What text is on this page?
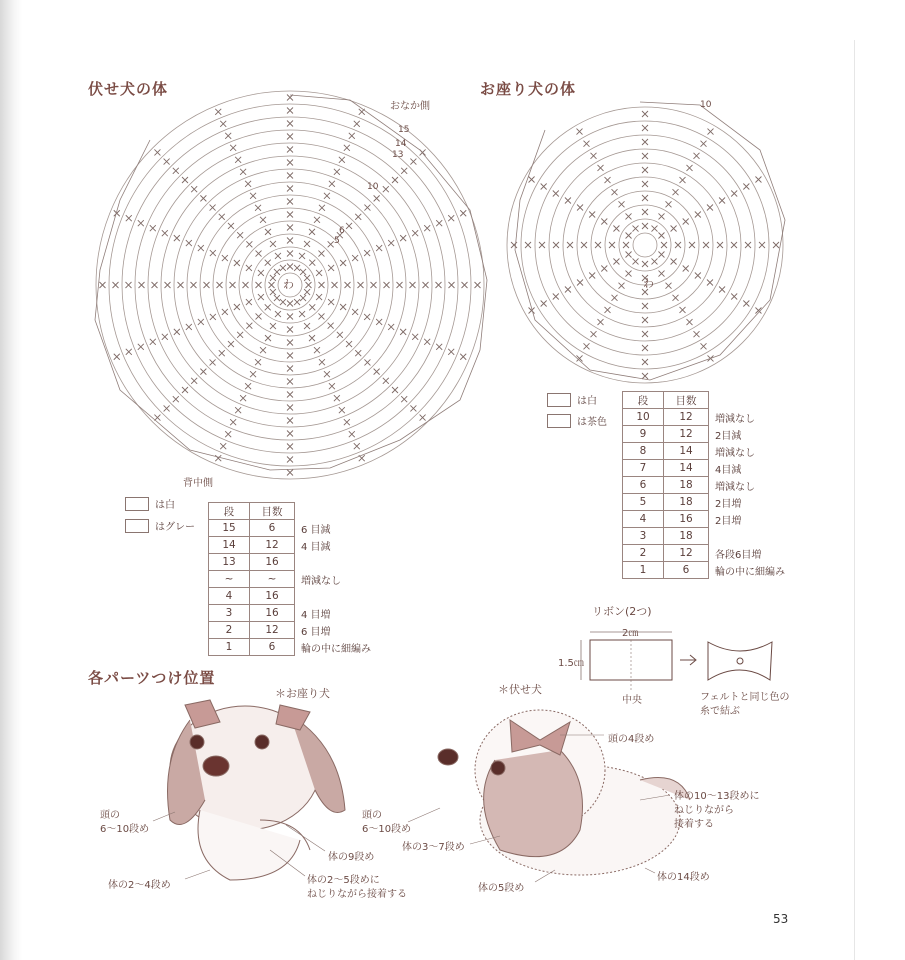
伏せ犬の体	お座り犬の体
おなか側
背中側
わ
15
14
13
10
6
5
わ
10
は白
はグレー
段	目数	
15	6	6 目減
14	12	4 目減
13	16	
~	~	増減なし
4	16	
3	16	4 目増
2	12	6 目増
1	6	輪の中に細編み
は白
は茶色
段	目数	
10	12	増減なし
9	12	2目減
8	14	増減なし
7	14	4目減
6	18	増減なし
5	18	2目増
4	16	2目増
3	18	
2	12	各段6目増
1	6	輪の中に細編み
リボン(2つ)
2㎝
1.5㎝
中央	フェルトと同じ色の
糸で結ぶ
各パーツつけ位置
＊お座り犬	＊伏せ犬
頭の
6〜10段め
体の9段め
体の2〜4段め	体の2〜5段めに
ねじりながら接着する
頭の4段め
体の10〜13段めに
ねじりながら
接着する
頭の
6〜10段め
体の3〜7段め
体の5段め
体の14段め
53
